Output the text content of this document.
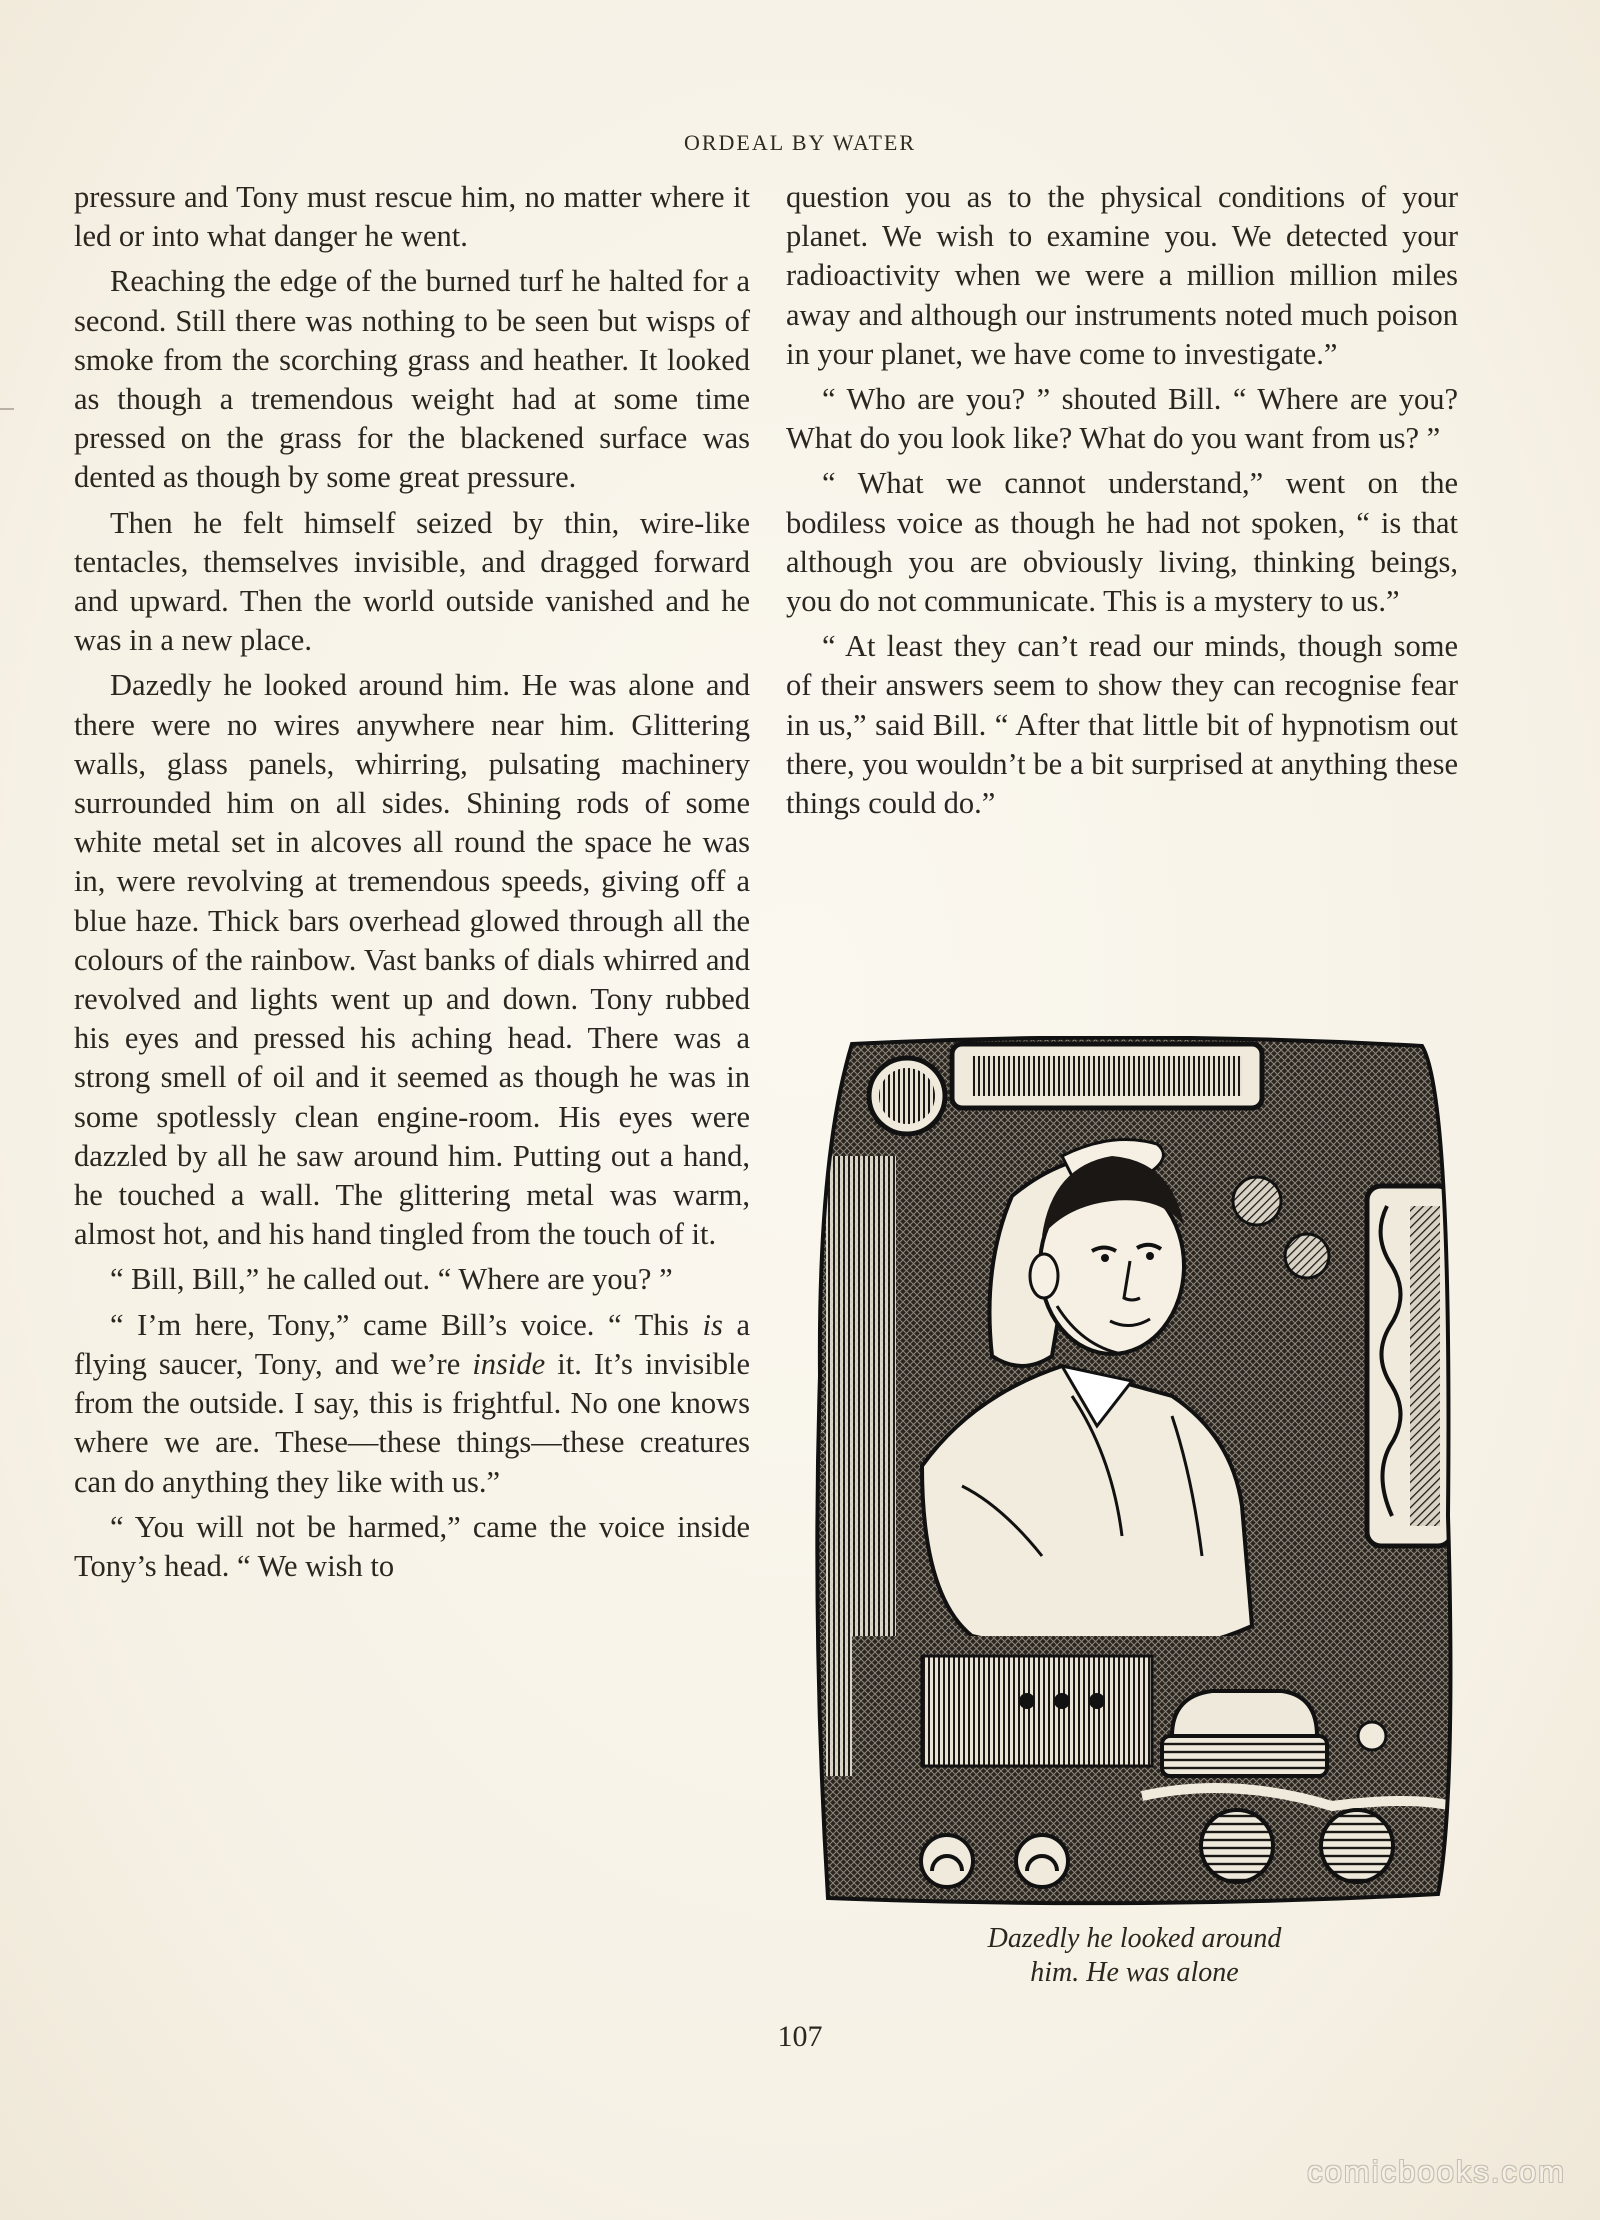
ORDEAL BY WATER

pressure and Tony must rescue him, no matter where it led or into what danger he went.

Reaching the edge of the burned turf he halted for a second. Still there was nothing to be seen but wisps of smoke from the scorching grass and heather. It looked as though a tremendous weight had at some time pressed on the grass for the blackened surface was dented as though by some great pressure.

Then he felt himself seized by thin, wire-like tentacles, themselves invisible, and dragged forward and upward. Then the world outside vanished and he was in a new place.

Dazedly he looked around him. He was alone and there were no wires anywhere near him. Glittering walls, glass panels, whirring, pulsating machinery surrounded him on all sides. Shining rods of some white metal set in alcoves all round the space he was in, were revolving at tremendous speeds, giving off a blue haze. Thick bars overhead glowed through all the colours of the rainbow. Vast banks of dials whirred and revolved and lights went up and down. Tony rubbed his eyes and pressed his aching head. There was a strong smell of oil and it seemed as though he was in some spotlessly clean engine-room. His eyes were dazzled by all he saw around him. Putting out a hand, he touched a wall. The glittering metal was warm, almost hot, and his hand tingled from the touch of it.

“ Bill, Bill,” he called out. “ Where are you? ”

“ I’m here, Tony,” came Bill’s voice. “ This is a flying saucer, Tony, and we’re inside it. It’s invisible from the outside. I say, this is frightful. No one knows where we are. These—these things—these creatures can do anything they like with us.”

“ You will not be harmed,” came the voice inside Tony’s head. “ We wish to

question you as to the physical conditions of your planet. We wish to examine you. We detected your radioactivity when we were a million million miles away and although our instruments noted much poison in your planet, we have come to investigate.”

“ Who are you? ” shouted Bill. “ Where are you? What do you look like? What do you want from us? ”

“ What we cannot understand,” went on the bodiless voice as though he had not spoken, “ is that although you are obviously living, thinking beings, you do not communicate. This is a mystery to us.”

“ At least they can’t read our minds, though some of their answers seem to show they can recognise fear in us,” said Bill. “ After that little bit of hypnotism out there, you wouldn’t be a bit surprised at anything these things could do.”

Dazedly he looked around
him. He was alone
107
comicbooks.com
